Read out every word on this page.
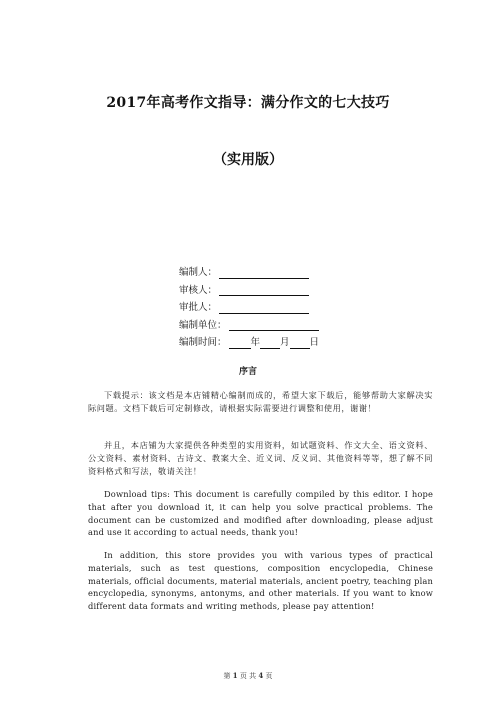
2017年高考作文指导：满分作文的七大技巧
（实用版）
编制人：
审核人：
审批人：
编制单位：
编制时间：	年 月 日
序言
下载提示：该文档是本店铺精心编制而成的，希望大家下载后，能够帮助大家解决实际问题。文档下载后可定制修改，请根据实际需要进行调整和使用，谢谢！
并且，本店铺为大家提供各种类型的实用资料，如试题资料、作文大全、语文资料、公文资料、素材资料、古诗文、教案大全、近义词、反义词、其他资料等等，想了解不同资料格式和写法，敬请关注！
Download tips: This document is carefully compiled by this editor. I hope that after you download it, it can help you solve practical problems. The document can be customized and modified after downloading, please adjust and use it according to actual needs, thank you!
In addition, this store provides you with various types of practical materials, such as test questions, composition encyclopedia, Chinese materials, official documents, material materials, ancient poetry, teaching plan encyclopedia, synonyms, antonyms, and other materials. If you want to know different data formats and writing methods, please pay attention!
第 1 页 共 4 页
